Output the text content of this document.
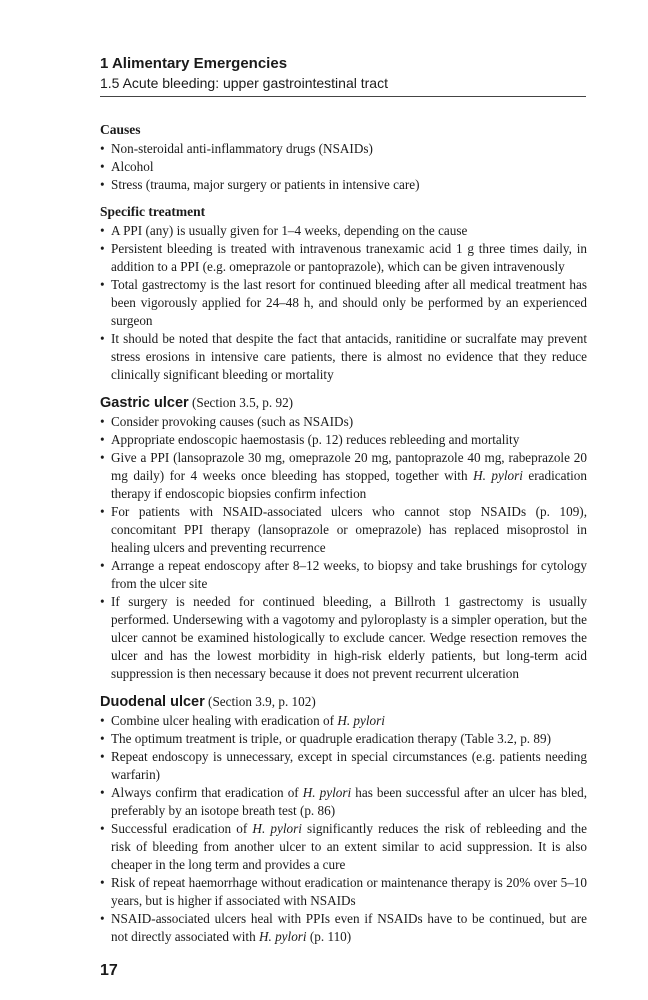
1 Alimentary Emergencies
1.5 Acute bleeding: upper gastrointestinal tract
Causes
• Non-steroidal anti-inflammatory drugs (NSAIDs)
• Alcohol
• Stress (trauma, major surgery or patients in intensive care)
Specific treatment
• A PPI (any) is usually given for 1–4 weeks, depending on the cause
• Persistent bleeding is treated with intravenous tranexamic acid 1 g three times daily, in addition to a PPI (e.g. omeprazole or pantoprazole), which can be given intravenously
• Total gastrectomy is the last resort for continued bleeding after all medical treatment has been vigorously applied for 24–48 h, and should only be performed by an experienced surgeon
• It should be noted that despite the fact that antacids, ranitidine or sucralfate may prevent stress erosions in intensive care patients, there is almost no evidence that they reduce clinically significant bleeding or mortality
Gastric ulcer (Section 3.5, p. 92)
• Consider provoking causes (such as NSAIDs)
• Appropriate endoscopic haemostasis (p. 12) reduces rebleeding and mortality
• Give a PPI (lansoprazole 30 mg, omeprazole 20 mg, pantoprazole 40 mg, rabeprazole 20 mg daily) for 4 weeks once bleeding has stopped, together with H. pylori eradication therapy if endoscopic biopsies confirm infection
• For patients with NSAID-associated ulcers who cannot stop NSAIDs (p. 109), concomitant PPI therapy (lansoprazole or omeprazole) has replaced misoprostol in healing ulcers and preventing recurrence
• Arrange a repeat endoscopy after 8–12 weeks, to biopsy and take brushings for cytology from the ulcer site
• If surgery is needed for continued bleeding, a Billroth 1 gastrectomy is usually performed. Undersewing with a vagotomy and pyloroplasty is a simpler operation, but the ulcer cannot be examined histologically to exclude cancer. Wedge resection removes the ulcer and has the lowest morbidity in high-risk elderly patients, but long-term acid suppression is then necessary because it does not prevent recurrent ulceration
Duodenal ulcer (Section 3.9, p. 102)
• Combine ulcer healing with eradication of H. pylori
• The optimum treatment is triple, or quadruple eradication therapy (Table 3.2, p. 89)
• Repeat endoscopy is unnecessary, except in special circumstances (e.g. patients needing warfarin)
• Always confirm that eradication of H. pylori has been successful after an ulcer has bled, preferably by an isotope breath test (p. 86)
• Successful eradication of H. pylori significantly reduces the risk of rebleeding and the risk of bleeding from another ulcer to an extent similar to acid suppression. It is also cheaper in the long term and provides a cure
• Risk of repeat haemorrhage without eradication or maintenance therapy is 20% over 5–10 years, but is higher if associated with NSAIDs
• NSAID-associated ulcers heal with PPIs even if NSAIDs have to be continued, but are not directly associated with H. pylori (p. 110)
17
